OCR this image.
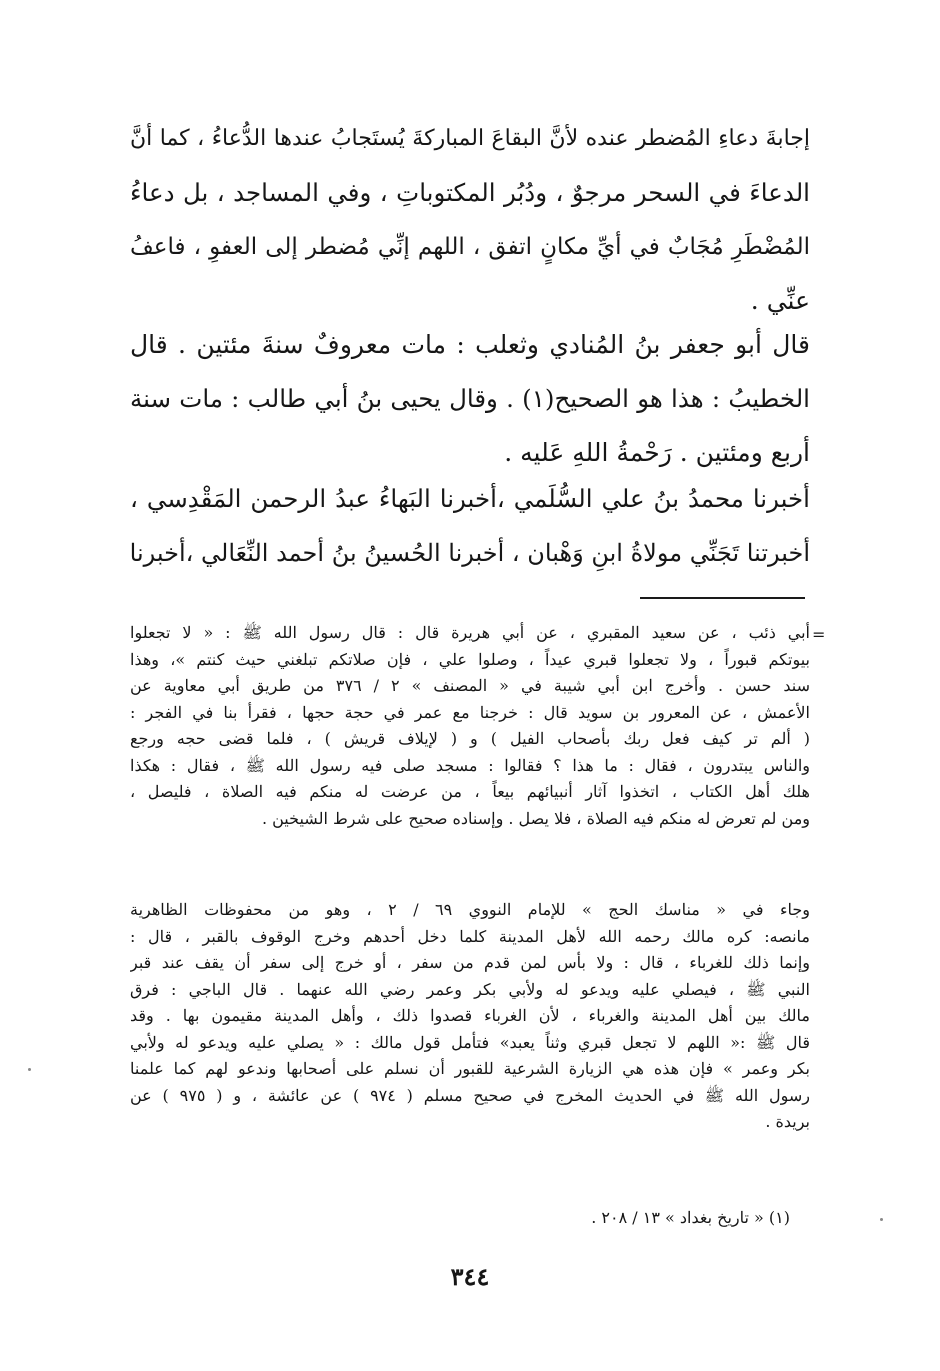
إجابةَ دعاءِ المُضطر عنده لأنَّ البقاعَ المباركةَ يُستَجابُ عندها الدُّعاءُ ، كما أنَّ
الدعاءَ في السحر مرجوٌ ، ودُبُر المكتوباتِ ، وفي المساجد ، بل دعاءُ
المُضْطَرِ مُجَابٌ في أيِّ مكانٍ اتفق ، اللهم إنِّي مُضطر إلى العفوِ ، فاعفُ
عنِّي .
قال أبو جعفر بنُ المُنادي وثعلب : مات معروفٌ سنةَ مئتين . قال
الخطيبُ : هذا هو الصحيح(١) . وقال يحيى بنُ أبي طالب : مات سنة
أربع ومئتين . رَحْمةُ اللهِ عَليه .
أخبرنا محمدُ بنُ علي السُّلَمي ،أخبرنا البَهاءُ عبدُ الرحمن المَقْدِسي ،
أخبرتنا تَجَنِّي مولاةُ ابنِ وَهْبان ، أخبرنا الحُسينُ بنُ أحمد النِّعَالي ،أخبرنا
=
أبي ذئب ، عن سعيد المقبري ، عن أبي هريرة قال : قال رسول الله ﷺ : « لا تجعلوا
بيوتكم قبوراً ، ولا تجعلوا قبري عيداً ، وصلوا علي ، فإن صلاتكم تبلغني حيث كنتم »، وهذا
سند حسن . وأخرج ابن أبي شيبة في « المصنف » ٢ / ٣٧٦ من طريق أبي معاوية عن
الأعمش ، عن المعرور بن سويد قال : خرجنا مع عمر في حجة حجها ، فقرأ بنا في الفجر :
( ألم تر كيف فعل ربك بأصحاب الفيل ) و ( لإيلاف قريش ) ، فلما قضى حجه ورجع
والناس يبتدرون ، فقال : ما هذا ؟ فقالوا : مسجد صلى فيه رسول الله ﷺ ، فقال : هكذا
هلك أهل الكتاب ، اتخذوا آثار أنبيائهم بيعاً ، من عرضت له منكم فيه الصلاة ، فليصل ،
ومن لم تعرض له منكم فيه الصلاة ، فلا يصل . وإسناده صحيح على شرط الشيخين .
وجاء في « مناسك الحج » للإمام النووي ٦٩ / ٢ ، وهو من محفوظات الظاهرية
مانصه: كره مالك رحمه الله لأهل المدينة كلما دخل أحدهم وخرج الوقوف بالقبر ، قال :
وإنما ذلك للغرباء ، قال : ولا بأس لمن قدم من سفر ، أو خرج إلى سفر أن يقف عند قبر
النبي ﷺ ، فيصلي عليه ويدعو له ولأبي بكر وعمر رضي الله عنهما . قال الباجي : فرق
مالك بين أهل المدينة والغرباء ، لأن الغرباء قصدوا ذلك ، وأهل المدينة مقيمون بها . وقد
قال ﷺ :« اللهم لا تجعل قبري وثناً يعبد» فتأمل قول مالك : « يصلي عليه ويدعو له ولأبي
بكر وعمر » فإن هذه هي الزيارة الشرعية للقبور أن نسلم على أصحابها وندعو لهم كما علمنا
رسول الله ﷺ في الحديث المخرج في صحيح مسلم ( ٩٧٤ ) عن عائشة ، و ( ٩٧٥ ) عن
بريدة .
(١) « تاريخ بغداد » ١٣ / ٢٠٨ .
٣٤٤
